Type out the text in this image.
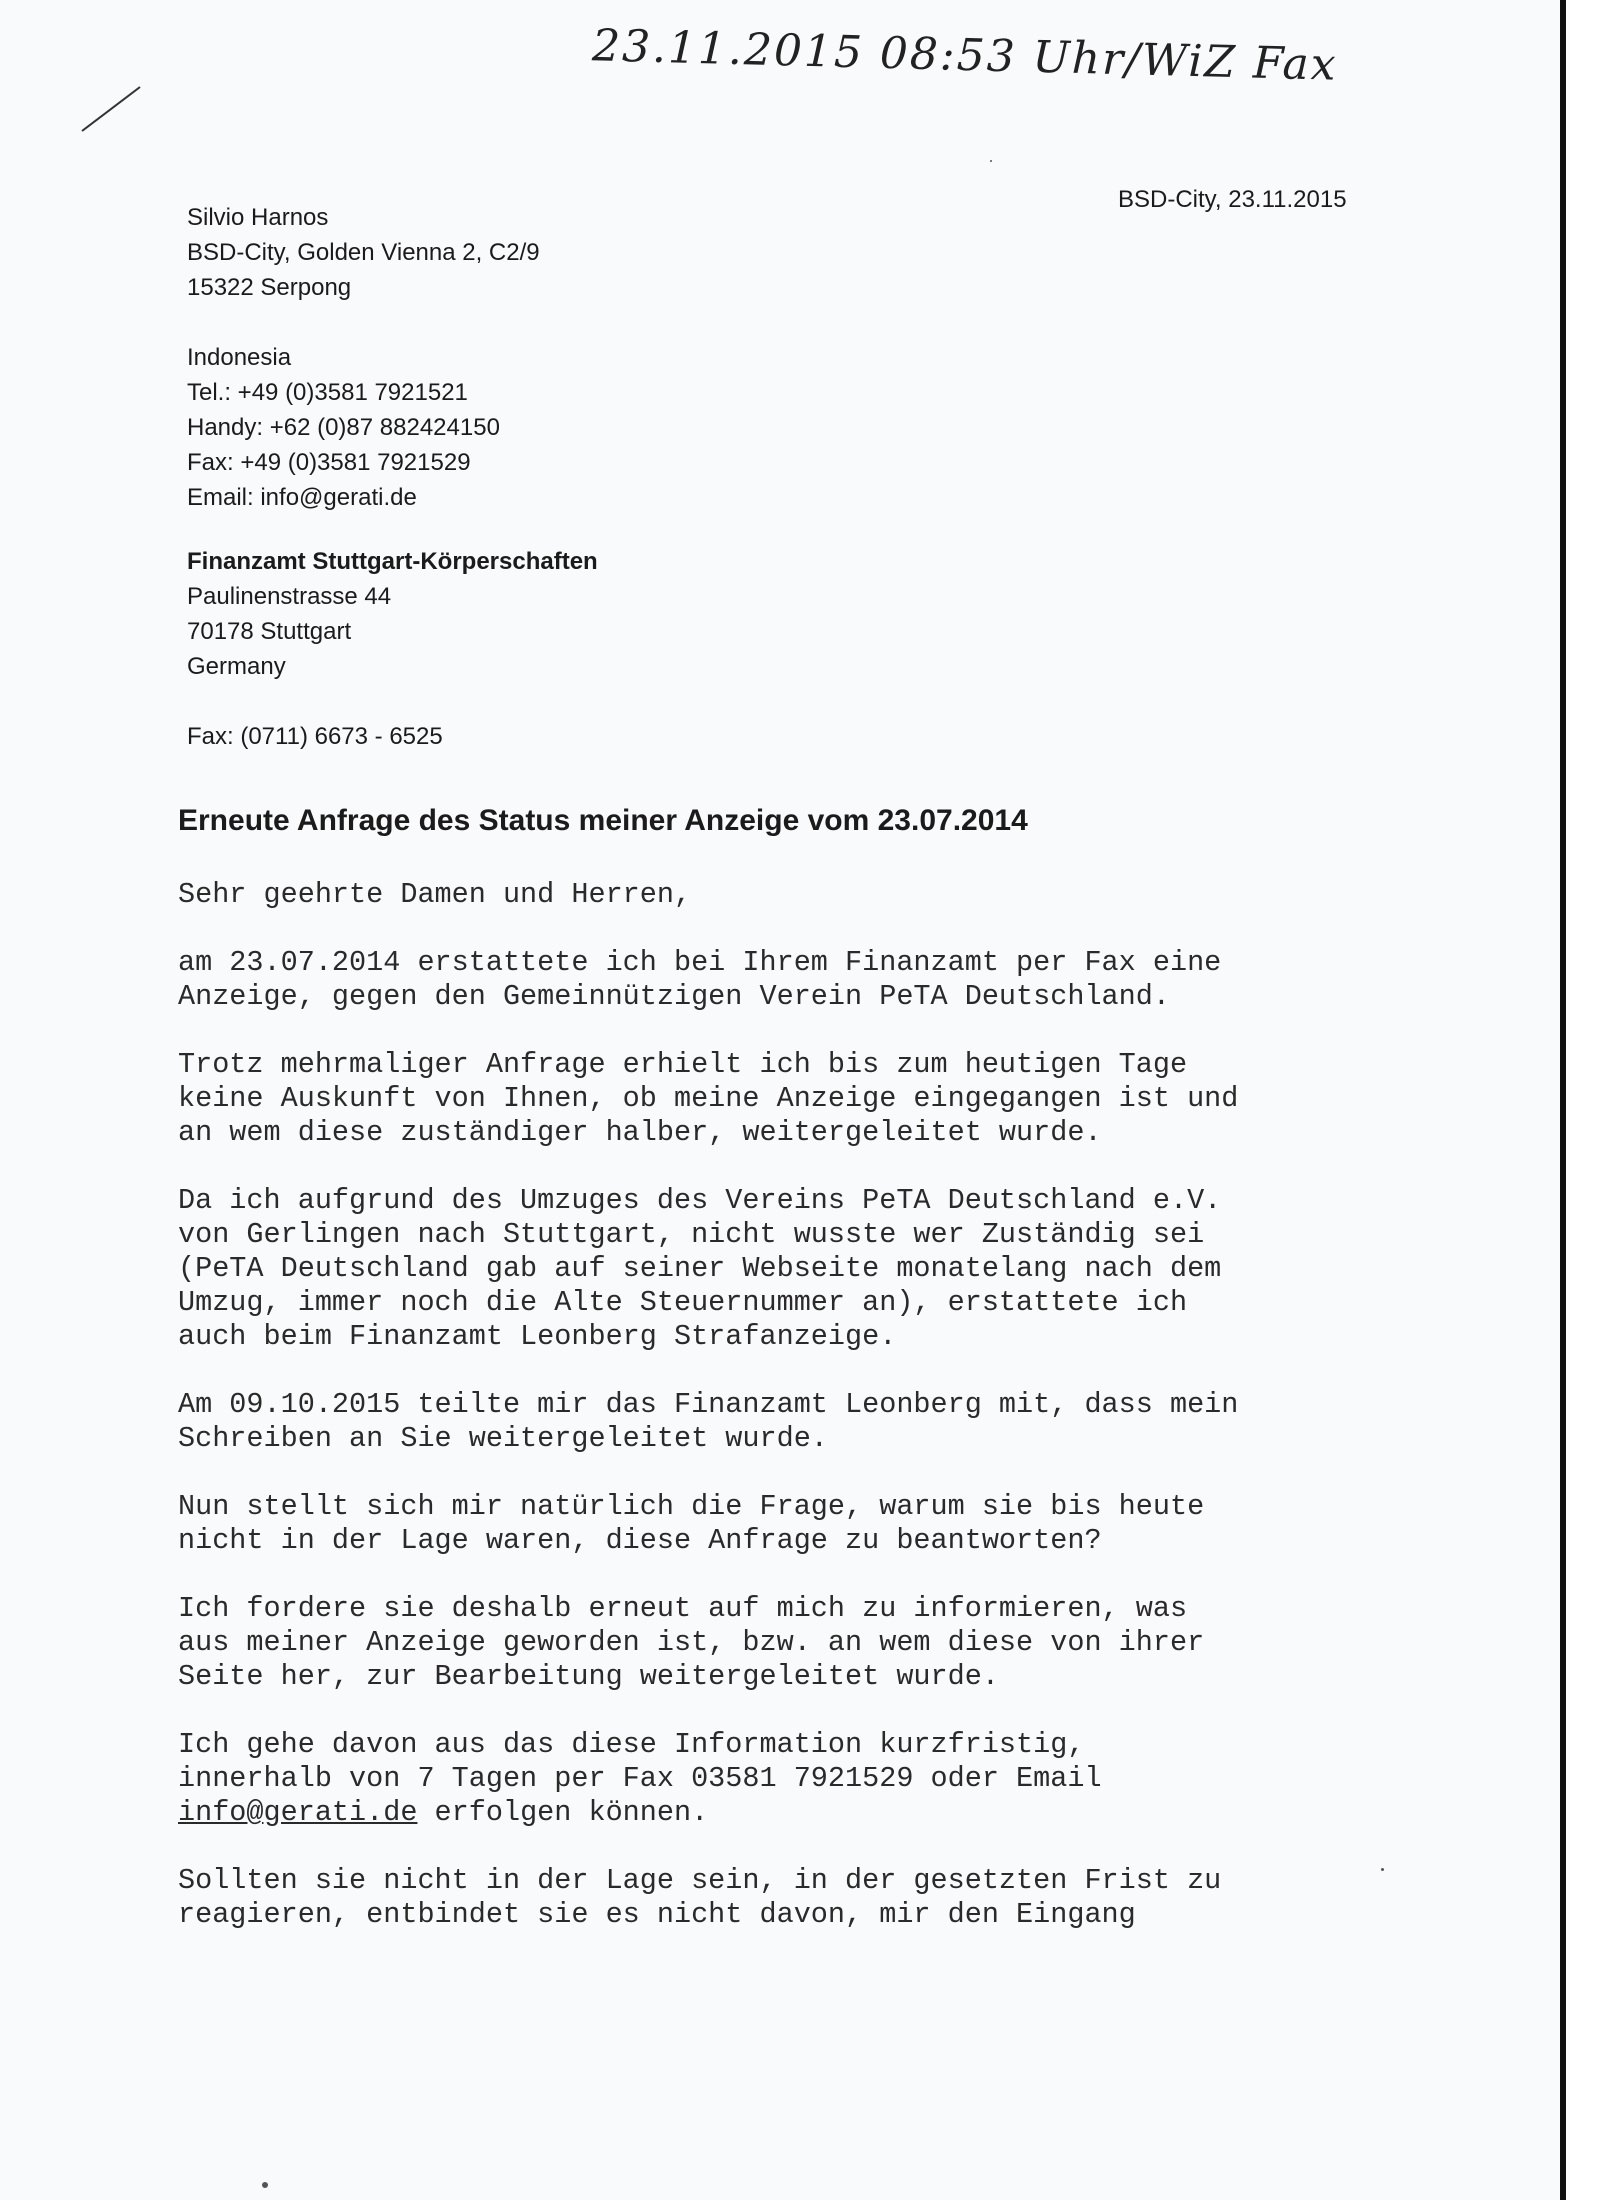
23.11.2015 08:53 Uhr/WiZ Fax
Silvio Harnos
BSD-City, Golden Vienna 2, C2/9
15322 Serpong
Indonesia
Tel.: +49 (0)3581 7921521
Handy: +62 (0)87 882424150
Fax: +49 (0)3581 7921529
Email: info@gerati.de
BSD-City, 23.11.2015
Finanzamt Stuttgart-Körperschaften
Paulinenstrasse 44
70178 Stuttgart
Germany
Fax: (0711) 6673 - 6525
Erneute Anfrage des Status meiner Anzeige vom 23.07.2014

Sehr geehrte Damen und Herren,

am 23.07.2014 erstattete ich bei Ihrem Finanzamt per Fax eine
Anzeige, gegen den Gemeinnützigen Verein PeTA Deutschland.

Trotz mehrmaliger Anfrage erhielt ich bis zum heutigen Tage
keine Auskunft von Ihnen, ob meine Anzeige eingegangen ist und
an wem diese zuständiger halber, weitergeleitet wurde.

Da ich aufgrund des Umzuges des Vereins PeTA Deutschland e.V.
von Gerlingen nach Stuttgart, nicht wusste wer Zuständig sei
(PeTA Deutschland gab auf seiner Webseite monatelang nach dem
Umzug, immer noch die Alte Steuernummer an), erstattete ich
auch beim Finanzamt Leonberg Strafanzeige.

Am 09.10.2015 teilte mir das Finanzamt Leonberg mit, dass mein
Schreiben an Sie weitergeleitet wurde.

Nun stellt sich mir natürlich die Frage, warum sie bis heute
nicht in der Lage waren, diese Anfrage zu beantworten?

Ich fordere sie deshalb erneut auf mich zu informieren, was
aus meiner Anzeige geworden ist, bzw. an wem diese von ihrer
Seite her, zur Bearbeitung weitergeleitet wurde.

Ich gehe davon aus das diese Information kurzfristig,
innerhalb von 7 Tagen per Fax 03581 7921529 oder Email
info@gerati.de erfolgen können.

Sollten sie nicht in der Lage sein, in der gesetzten Frist zu
reagieren, entbindet sie es nicht davon, mir den Eingang
